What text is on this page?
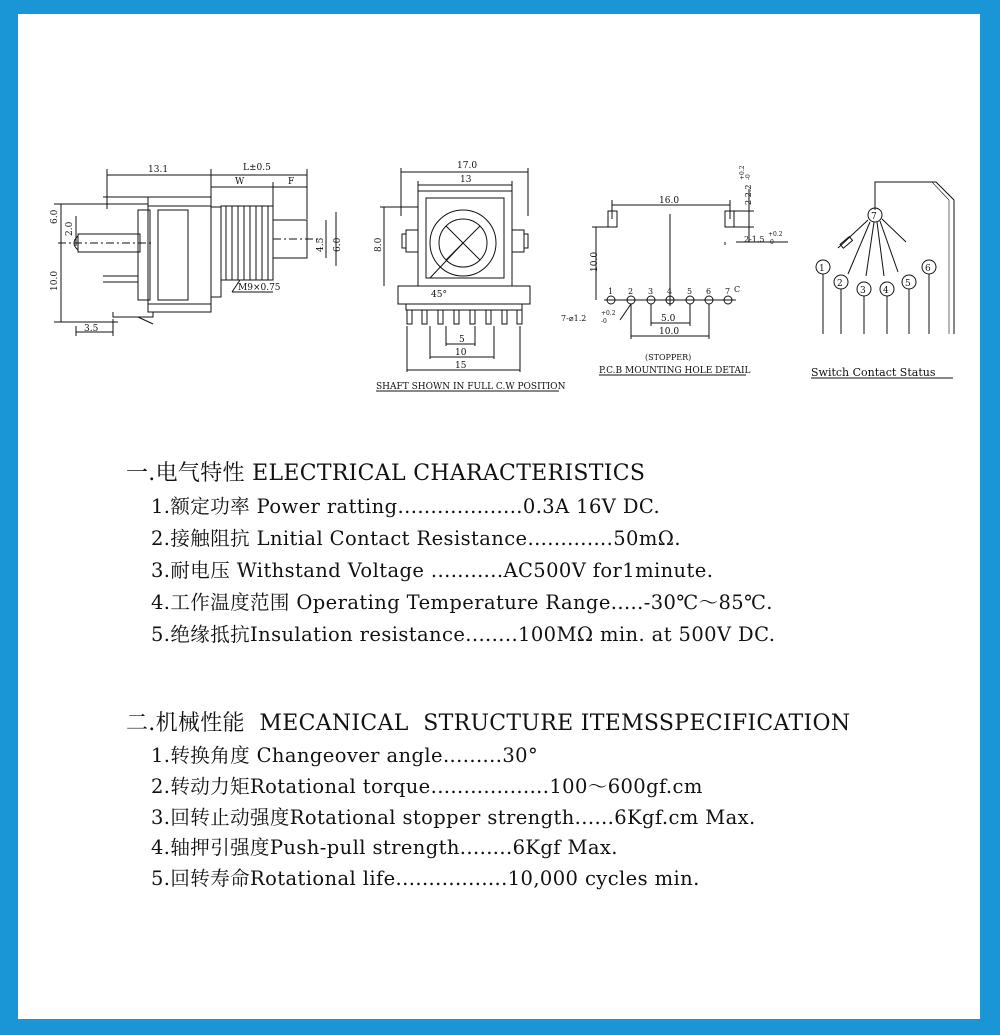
13.1	L±0.5
W	F
6.0
2.0
10.0
4.5 6.0
M9×0.75
3.5
17.0
13
45°
8.0
5
10
15
SHAFT SHOWN IN FULL C.W POSITION
16.0	2-2.2
+0.2 -0
2-1.5
+0.2
-0
10.0
1 2 3 4 5 6 7 C
7-⌀1.2
+0.2
-0	5.0
10.0
(STOPPER)
P.C.B MOUNTING HOLE DETAIL
7
1
2
3 4
5
6
Switch Contact Status
一.电气特性 ELECTRICAL CHARACTERISTICS
1.额定功率 Power ratting...................0.3A 16V DC.
2.接触阻抗 Lnitial Contact Resistance.............50mΩ.
3.耐电压 Withstand Voltage ...........AC500V for1minute.
4.工作温度范围 Operating Temperature Range.....-30℃～85℃.
5.绝缘抵抗Insulation resistance........100MΩ min. at 500V DC.
二.机械性能  MECANICAL  STRUCTURE ITEMSSPECIFICATION
1.转换角度 Changeover angle.........30°
2.转动力矩Rotational torque..................100～600gf.cm
3.回转止动强度Rotational stopper strength......6Kgf.cm Max.
4.轴押引强度Push-pull strength........6Kgf Max.
5.回转寿命Rotational life.................10,000 cycles min.
